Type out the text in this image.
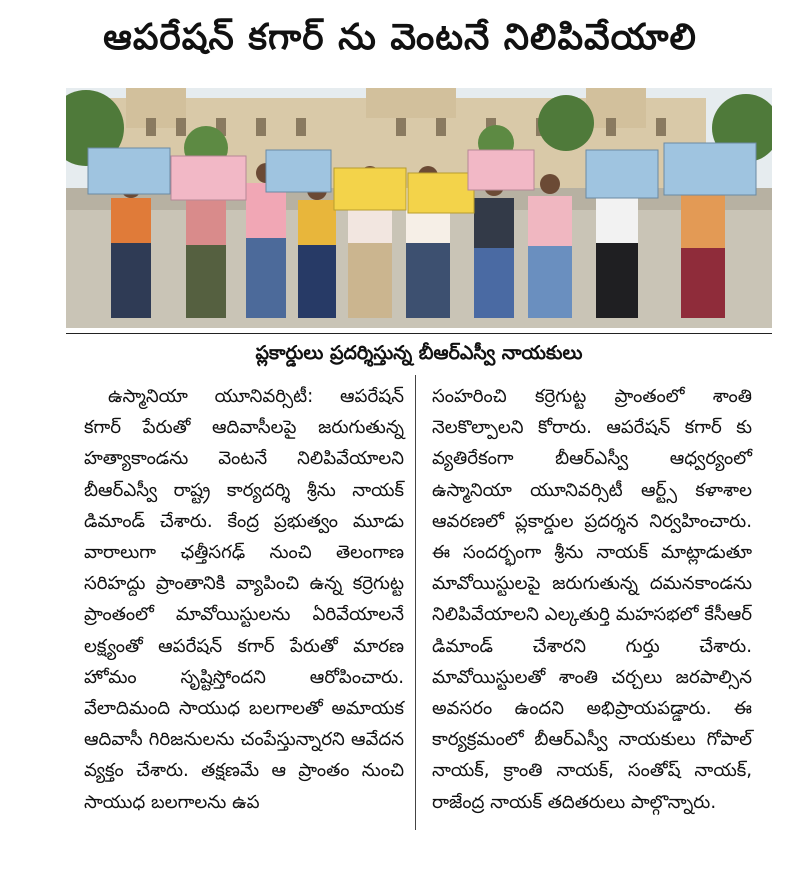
ఆపరేషన్ కగార్ ను వెంటనే నిలిపివేయాలి
ప్లకార్డులు ప్రదర్శిస్తున్న బీఆర్ఎస్వీ నాయకులు
ఉస్మానియా యూనివర్సిటీ: ఆపరేషన్ కగార్ పేరుతో ఆదివాసీలపై జరుగుతున్న హత్యాకాండను వెంటనే నిలిపివేయాలని బీఆర్ఎస్వీ రాష్ట్ర కార్యదర్శి శ్రీను నాయక్ డిమాండ్ చేశారు. కేంద్ర ప్రభుత్వం మూడు వారాలుగా ఛత్తీసగఢ్ నుంచి తెలంగాణ సరిహద్దు ప్రాంతానికి వ్యాపించి ఉన్న కర్రెగుట్ట ప్రాంతంలో మావోయిస్టులను ఏరివేయాలనే లక్ష్యంతో ఆపరేషన్ కగార్ పేరుతో మారణ హోమం సృష్టిస్తోందని ఆరోపించారు. వేలాదిమంది సాయుధ బలగాలతో అమాయక ఆదివాసీ గిరిజనులను చంపేస్తున్నారని ఆవేదన వ్యక్తం చేశారు. తక్షణమే ఆ ప్రాంతం నుంచి సాయుధ బలగాలను ఉప
సంహరించి కర్రెగుట్ట ప్రాంతంలో శాంతి నెలకొల్పాలని కోరారు. ఆపరేషన్ కగార్ కు వ్యతిరేకంగా బీఆర్ఎస్వీ ఆధ్వర్యంలో ఉస్మానియా యూనివర్సిటీ ఆర్ట్స్ కళాశాల ఆవరణలో ప్లకార్డుల ప్రదర్శన నిర్వహించారు. ఈ సందర్భంగా శ్రీను నాయక్ మాట్లాడుతూ మావోయిస్టులపై జరుగుతున్న దమనకాండను నిలిపివేయాలని ఎల్కతుర్తి మహసభలో కేసీఆర్ డిమాండ్ చేశారని గుర్తు చేశారు. మావోయిస్టులతో శాంతి చర్చలు జరపాల్సిన అవసరం ఉందని అభిప్రాయపడ్డారు. ఈ కార్యక్రమంలో బీఆర్ఎస్వీ నాయకులు గోపాల్ నాయక్, క్రాంతి నాయక్, సంతోష్ నాయక్, రాజేంద్ర నాయక్ తదితరులు పాల్గొన్నారు.
